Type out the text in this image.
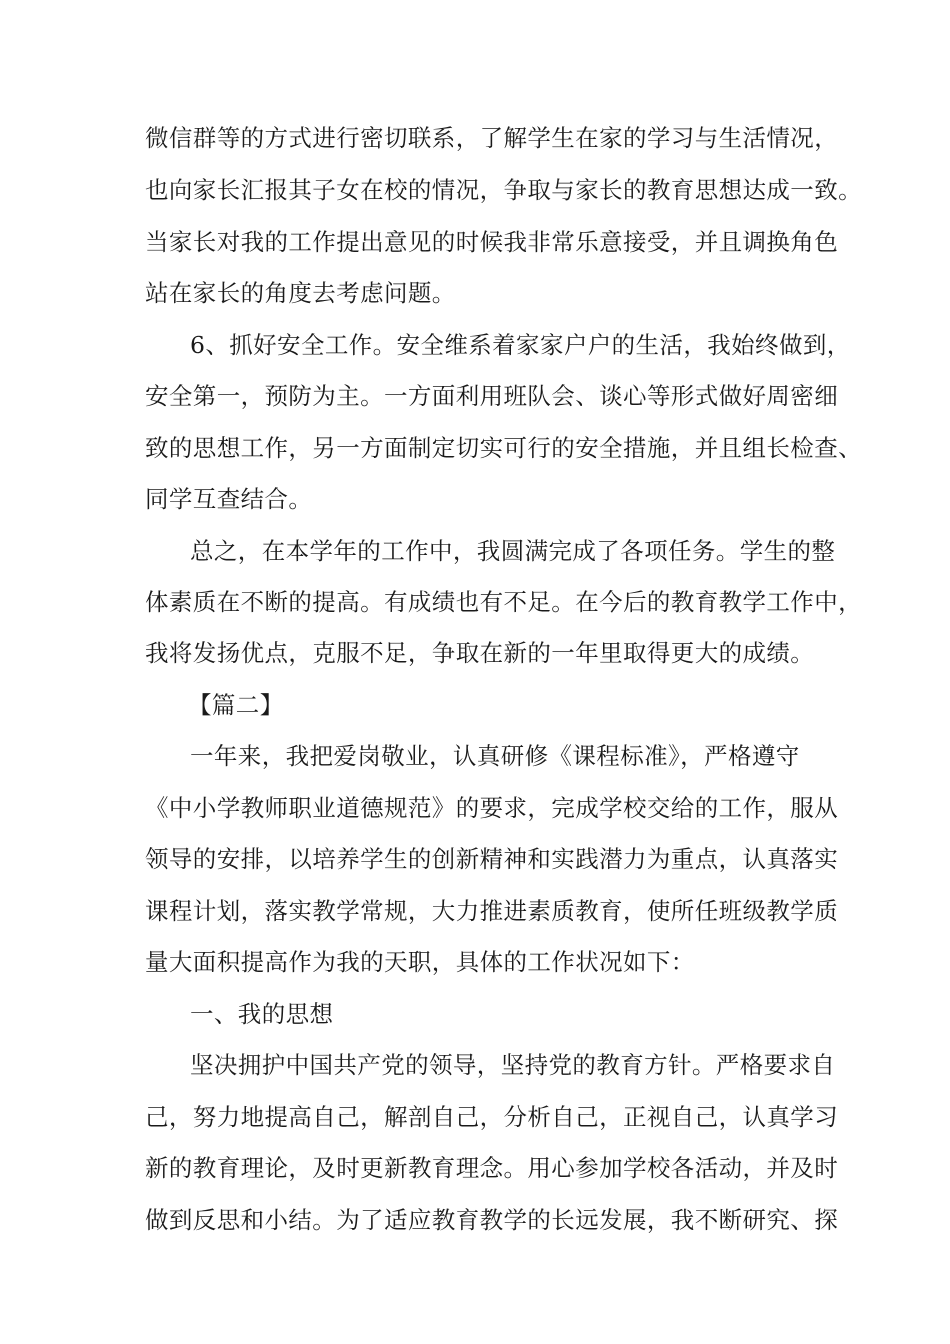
微信群等的方式进行密切联系，了解学生在家的学习与生活情况，

也向家长汇报其子女在校的情况，争取与家长的教育思想达成一致。

当家长对我的工作提出意见的时候我非常乐意接受，并且调换角色

站在家长的角度去考虑问题。

6、抓好安全工作。安全维系着家家户户的生活，我始终做到，

安全第一，预防为主。一方面利用班队会、谈心等形式做好周密细

致的思想工作，另一方面制定切实可行的安全措施，并且组长检查、

同学互查结合。

总之，在本学年的工作中，我圆满完成了各项任务。学生的整

体素质在不断的提高。有成绩也有不足。在今后的教育教学工作中，

我将发扬优点，克服不足，争取在新的一年里取得更大的成绩。

【篇二】

一年来，我把爱岗敬业，认真研修《课程标准》，严格遵守

《中小学教师职业道德规范》的要求，完成学校交给的工作，服从

领导的安排，以培养学生的创新精神和实践潜力为重点，认真落实

课程计划，落实教学常规，大力推进素质教育，使所任班级教学质

量大面积提高作为我的天职，具体的工作状况如下：

一、我的思想

坚决拥护中国共产党的领导，坚持党的教育方针。严格要求自

己，努力地提高自己，解剖自己，分析自己，正视自己，认真学习

新的教育理论，及时更新教育理念。用心参加学校各活动，并及时

做到反思和小结。为了适应教育教学的长远发展，我不断研究、探
